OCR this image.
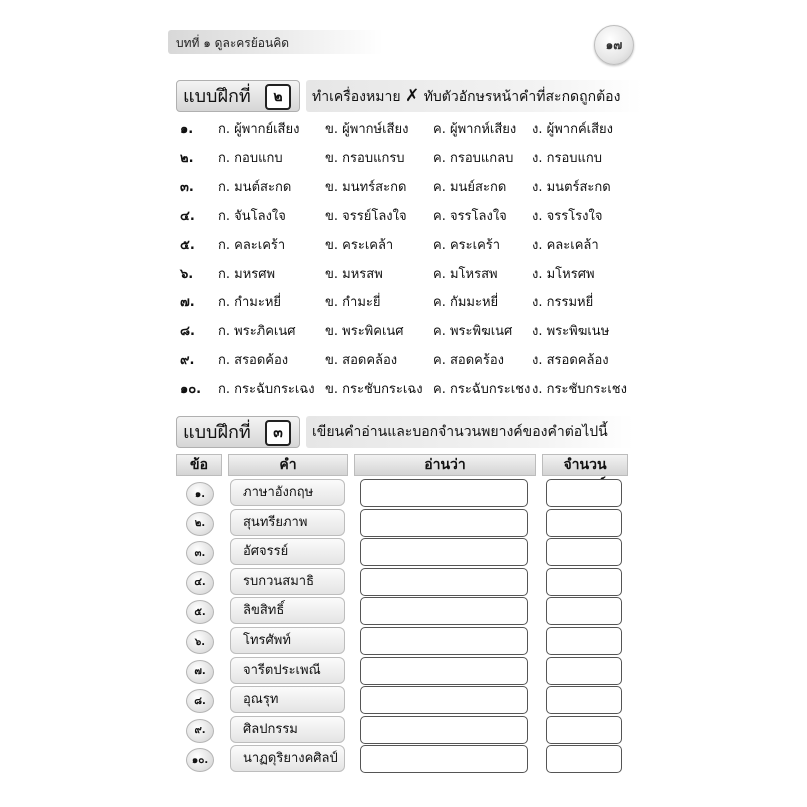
บทที่ ๑ ดูละครย้อนคิด	๑๗
แบบฝึกที่	๒	ทำเครื่องหมาย ✗ ทับตัวอักษรหน้าคำที่สะกดถูกต้อง
๑.	ก. ผู้พากย์เสียง ข. ผู้พากษ์เสียง ค. ผู้พากห์เสียง ง. ผู้พากค์เสียง
๒.	ก. กอบแกบ	ข. กรอบแกรบ ค. กรอบแกลบ ง. กรอบแกบ
๓.	ก. มนต์สะกด	ข. มนทร์สะกด ค. มนย์สะกด ง. มนตร์สะกด
๔.	ก. จันโลงใจ	ข. จรรย์โลงใจ ค. จรรโลงใจ ง. จรรโรงใจ
๕.	ก. คละเคร้า	ข. คระเคล้า	ค. คระเคร้า ง. คละเคล้า
๖.	ก. มหรศพ	ข. มหรสพ	ค. มโหรสพ	ง. มโหรศพ
๗.	ก. กำมะหยี่	ข. กำมะยี่	ค. กัมมะหยี่	ง. กรรมหยี่
๘.	ก. พระภิคเนศ ข. พระพิคเนศ ค. พระพิฆเนศ ง. พระพิฆเนษ
๙.	ก. สรอดค้อง	ข. สอดคล้อง	ค. สอดคร้อง ง. สรอดคล้อง
๑๐.	ก. กระฉับกระเฉง ข. กระชับกระเฉง ค. กระฉับกระเชง ง. กระชับกระเชง
แบบฝึกที่	๓	เขียนคำอ่านและบอกจำนวนพยางค์ของคำต่อไปนี้
ข้อ	คำ	อ่านว่า	จำนวน
๑.	ภาษาอังกฤษ
๒.	สุนทรียภาพ
๓.	อัศจรรย์
๔.	รบกวนสมาธิ
๕.	ลิขสิทธิ์
๖.	โทรศัพท์
๗.	จารีตประเพณี
๘.	อุณรุท
๙.	ศิลปกรรม
๑๐.	นาฏดุริยางคศิลป์
